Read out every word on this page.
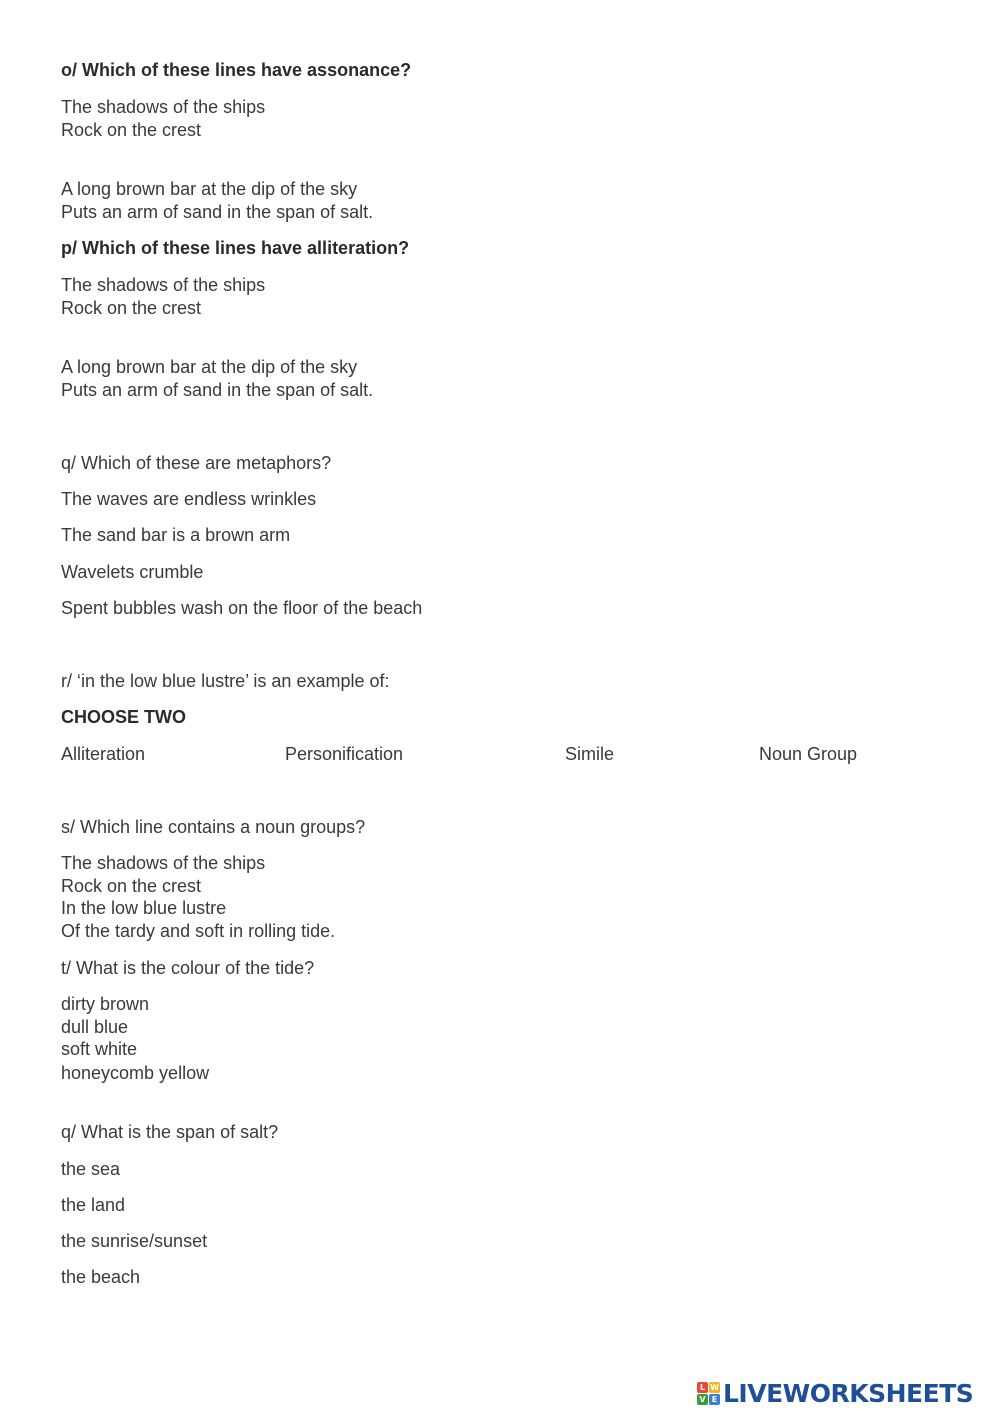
o/ Which of these lines have assonance?
The shadows of the ships
Rock on the crest
A long brown bar at the dip of the sky
Puts an arm of sand in the span of salt.
p/ Which of these lines have alliteration?
The shadows of the ships
Rock on the crest
A long brown bar at the dip of the sky
Puts an arm of sand in the span of salt.
q/ Which of these are metaphors?
The waves are endless wrinkles
The sand bar is a brown arm
Wavelets crumble
Spent bubbles wash on the floor of the beach
r/ ‘in the low blue lustre’ is an example of:
CHOOSE TWO
Alliteration	Personification	Simile	Noun Group
s/ Which line contains a noun groups?
The shadows of the ships
Rock on the crest
In the low blue lustre
Of the tardy and soft in rolling tide.
t/ What is the colour of the tide?
dirty brown
dull blue
soft white
honeycomb yellow
q/ What is the span of salt?
the sea
the land
the sunrise/sunset
the beach
L W
V E LIVEWORKSHEETS
